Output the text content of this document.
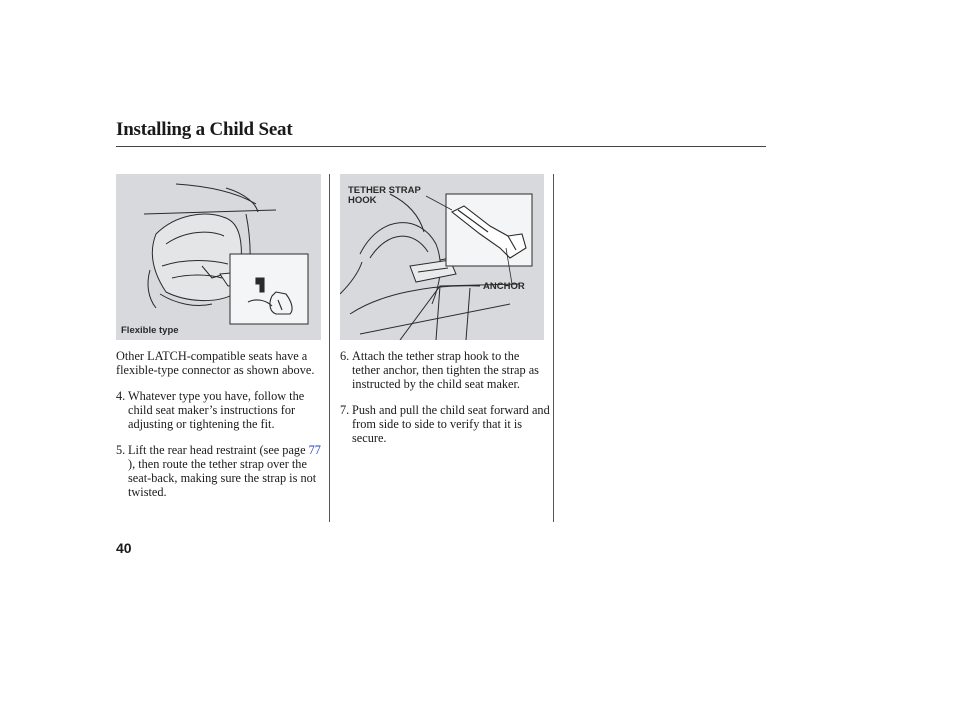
Installing a Child Seat
Flexible type
TETHER STRAP
HOOK
ANCHOR

Other LATCH-compatible seats have a flexible-type connector as shown above.

4. Whatever type you have, follow the child seat maker’s instructions for adjusting or tightening the fit.

5. Lift the rear head restraint (see page 77 ), then route the tether strap over the seat-back, making sure the strap is not twisted.

6. Attach the tether strap hook to the tether anchor, then tighten the strap as instructed by the child seat maker.

7. Push and pull the child seat forward and from side to side to verify that it is secure.

40
